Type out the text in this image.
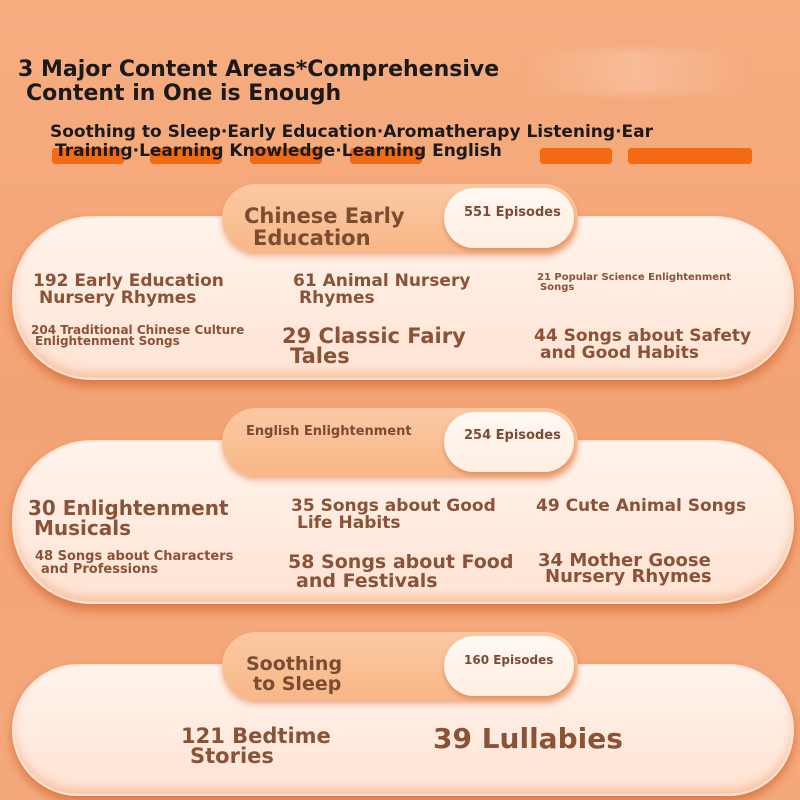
3 Major Content Areas*Comprehensive
Content in One is Enough
Soothing to Sleep·Early Education·Aromatherapy Listening·Ear
Training·Learning Knowledge·Learning English
Chinese Early
Education
551 Episodes
192 Early Education
Nursery Rhymes
61 Animal Nursery
Rhymes
21 Popular Science Enlightenment
Songs
204 Traditional Chinese Culture
Enlightenment Songs	29 Classic Fairy
Tales
44 Songs about Safety
and Good Habits
English Enlightenment	254 Episodes
30 Enlightenment
Musicals
35 Songs about Good
Life Habits
49 Cute Animal Songs
48 Songs about Characters
and Professions	58 Songs about Food
and Festivals
34 Mother Goose
Nursery Rhymes
Soothing
to Sleep
160 Episodes
121 Bedtime
Stories
39 Lullabies
